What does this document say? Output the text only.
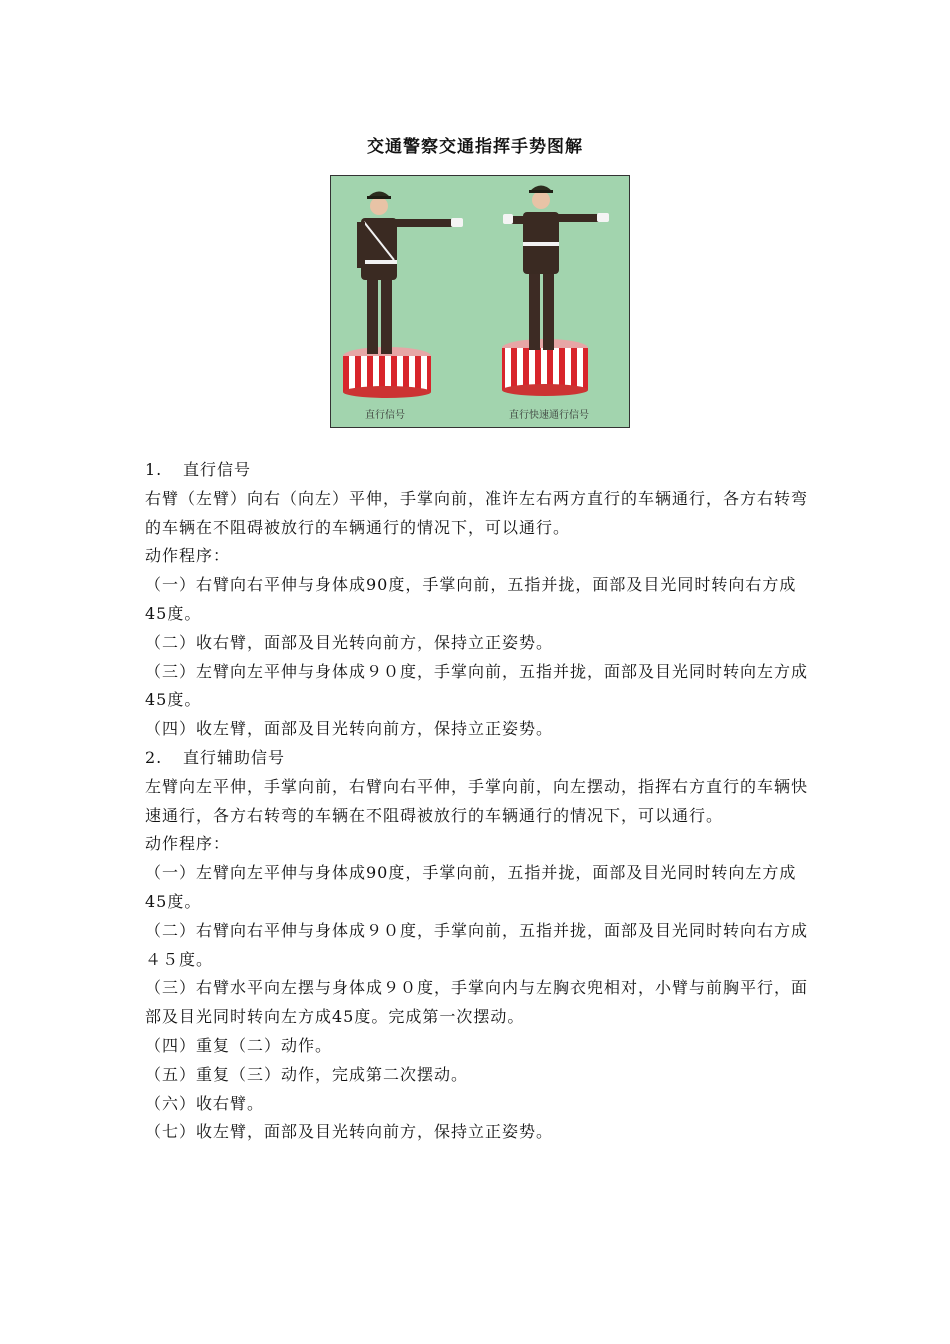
交通警察交通指挥手势图解
直行信号	直行快速通行信号

1. 直行信号

右臂（左臂）向右（向左）平伸，手掌向前，准许左右两方直行的车辆通行，各方右转弯的车辆在不阻碍被放行的车辆通行的情况下，可以通行。

动作程序：

（一）右臂向右平伸与身体成90度，手掌向前，五指并拢，面部及目光同时转向右方成45度。

（二）收右臂，面部及目光转向前方，保持立正姿势。

（三）左臂向左平伸与身体成９０度，手掌向前，五指并拢，面部及目光同时转向左方成45度。

（四）收左臂，面部及目光转向前方，保持立正姿势。

2. 直行辅助信号

左臂向左平伸，手掌向前，右臂向右平伸，手掌向前，向左摆动，指挥右方直行的车辆快速通行，各方右转弯的车辆在不阻碍被放行的车辆通行的情况下，可以通行。

动作程序：

（一）左臂向左平伸与身体成90度，手掌向前，五指并拢，面部及目光同时转向左方成45度。

（二）右臂向右平伸与身体成９０度，手掌向前，五指并拢，面部及目光同时转向右方成４５度。

（三）右臂水平向左摆与身体成９０度，手掌向内与左胸衣兜相对，小臂与前胸平行，面部及目光同时转向左方成45度。完成第一次摆动。

（四）重复（二）动作。

（五）重复（三）动作，完成第二次摆动。

（六）收右臂。

（七）收左臂，面部及目光转向前方，保持立正姿势。
